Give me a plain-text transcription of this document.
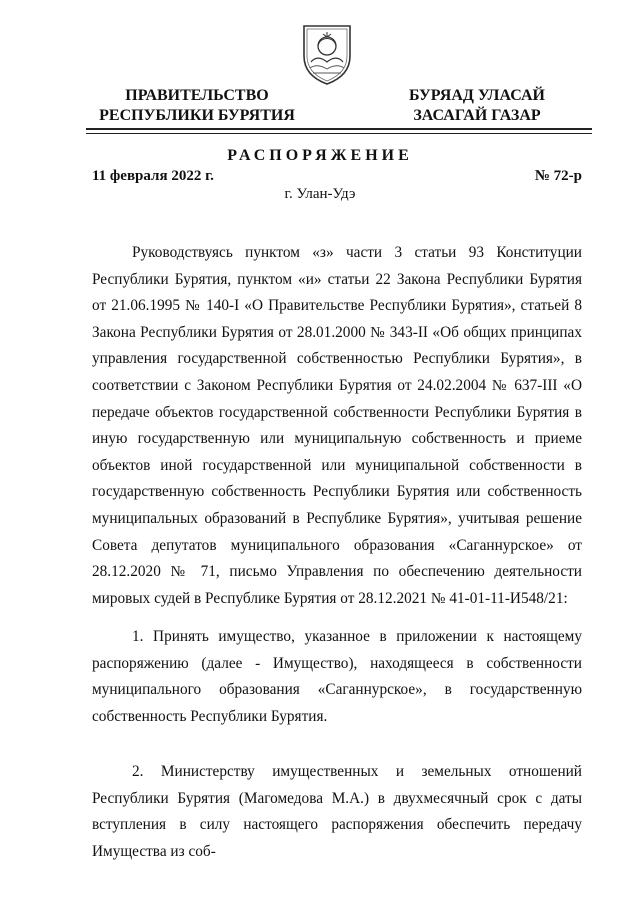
ПРАВИТЕЛЬСТВО
РЕСПУБЛИКИ БУРЯТИЯ
БУРЯАД УЛАСАЙ
ЗАСАГАЙ ГАЗАР
РАСПОРЯЖЕНИЕ
11 февраля 2022 г.	№ 72-р
г. Улан-Удэ

Руководствуясь пунктом «з» части 3 статьи 93 Конституции Республики Бурятия, пунктом «и» статьи 22 Закона Республики Бурятия от 21.06.1995 № 140-I «О Правительстве Республики Бурятия», статьей 8 Закона Республики Бурятия от 28.01.2000 № 343-II «Об общих принципах управления государственной собственностью Республики Бурятия», в соответствии с Законом Республики Бурятия от 24.02.2004 № 637-III «О передаче объектов государственной собственности Республики Бурятия в иную государственную или муниципальную собственность и приеме объектов иной государственной или муниципальной собственности в государственную собственность Республики Бурятия или собственность муниципальных образований в Республике Бурятия», учитывая решение Совета депутатов муниципального образования «Саганнурское» от 28.12.2020 № 71, письмо Управления по обеспечению деятельности мировых судей в Республике Бурятия от 28.12.2021 № 41-01-11-И548/21:

1. Принять имущество, указанное в приложении к настоящему распоряжению (далее - Имущество), находящееся в собственности муниципального образования «Саганнурское», в государственную собственность Республики Бурятия.

2. Министерству имущественных и земельных отношений Республики Бурятия (Магомедова М.А.) в двухмесячный срок с даты вступления в силу настоящего распоряжения обеспечить передачу Имущества из соб-
